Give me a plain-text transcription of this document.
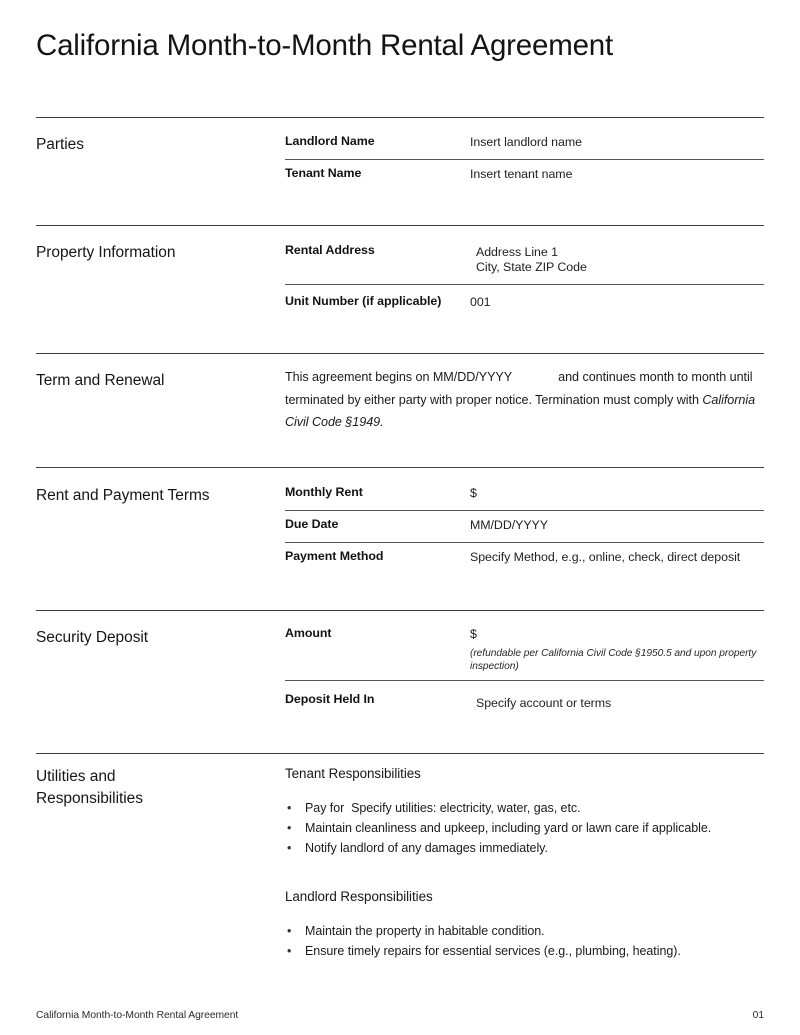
California Month-to-Month Rental Agreement
Parties	Landlord Name	Insert landlord name
Tenant Name	Insert tenant name
Property Information	Rental Address	Address Line 1
City, State ZIP Code
Unit Number (if applicable) 001
Term and Renewal	This agreement begins on MM/DD/YYYY	and continues month to month until terminated by either party with proper notice. Termination must comply with California Civil Code §1949.
Rent and Payment Terms	Monthly Rent	$
Due Date	MM/DD/YYYY
Payment Method	Specify Method, e.g., online, check, direct deposit
Security Deposit	Amount	$
(refundable per California Civil Code §1950.5 and upon property inspection)
Deposit Held In	Specify account or terms
Utilities and
Responsibilities
Tenant Responsibilities
• Pay for  Specify utilities: electricity, water, gas, etc.
• Maintain cleanliness and upkeep, including yard or lawn care if applicable.
• Notify landlord of any damages immediately.
Landlord Responsibilities
• Maintain the property in habitable condition.
• Ensure timely repairs for essential services (e.g., plumbing, heating).
California Month-to-Month Rental Agreement	01
